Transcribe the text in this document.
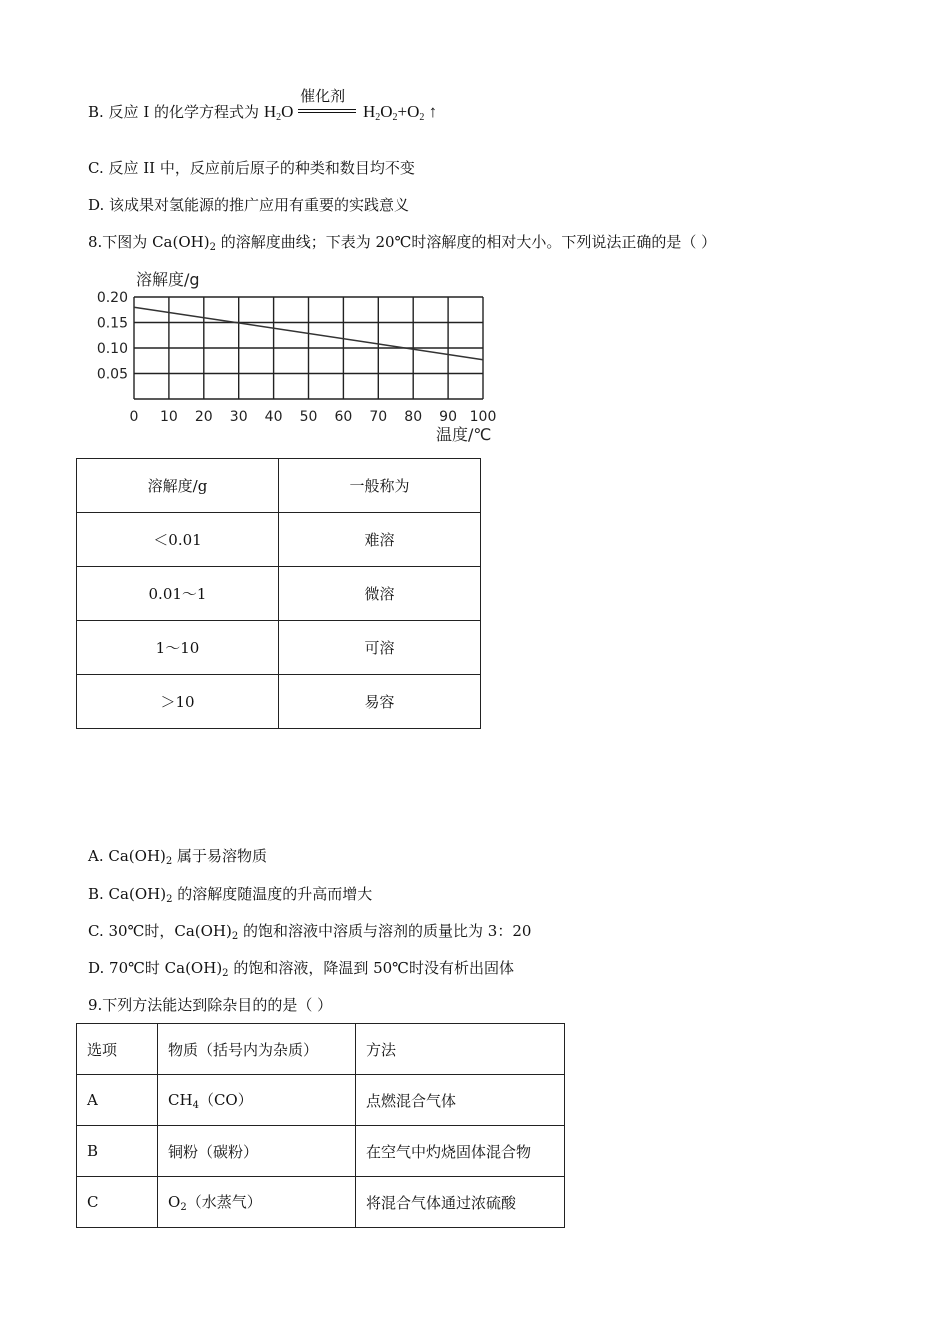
B. 反应 I 的化学方程式为 $H_2O$
催化剂
$H_2O_2+O_2$ ↑
C. 反应 II 中，反应前后原子的种类和数目均不变
D. 该成果对氢能源的推广应用有重要的实践意义
8.下图为 $Ca(OH)_2$ 的溶解度曲线；下表为 20℃时溶解度的相对大小。下列说法正确的是（ ）
溶解度/g
温度/℃
0.05
0.10
0.15
0.20
0 10 20 30 40 50 60 70 80 90 100
溶解度/g	一般称为
＜0.01	难溶
0.01～1	微溶
1～10	可溶
＞10	易容
A. $Ca(OH)_2$ 属于易溶物质
B. $Ca(OH)_2$ 的溶解度随温度的升高而增大
C. 30℃时，$Ca(OH)_2$ 的饱和溶液中溶质与溶剂的质量比为 3：20
D. 70℃时 $Ca(OH)_2$ 的饱和溶液，降温到 50℃时没有析出固体
9.下列方法能达到除杂目的的是（ ）
选项	物质（括号内为杂质）	方法
A	$CH_4(CO)$	点燃混合气体
B	铜粉（碳粉）	在空气中灼烧固体混合物
C	$O_2$（水蒸气）	将混合气体通过浓硫酸
